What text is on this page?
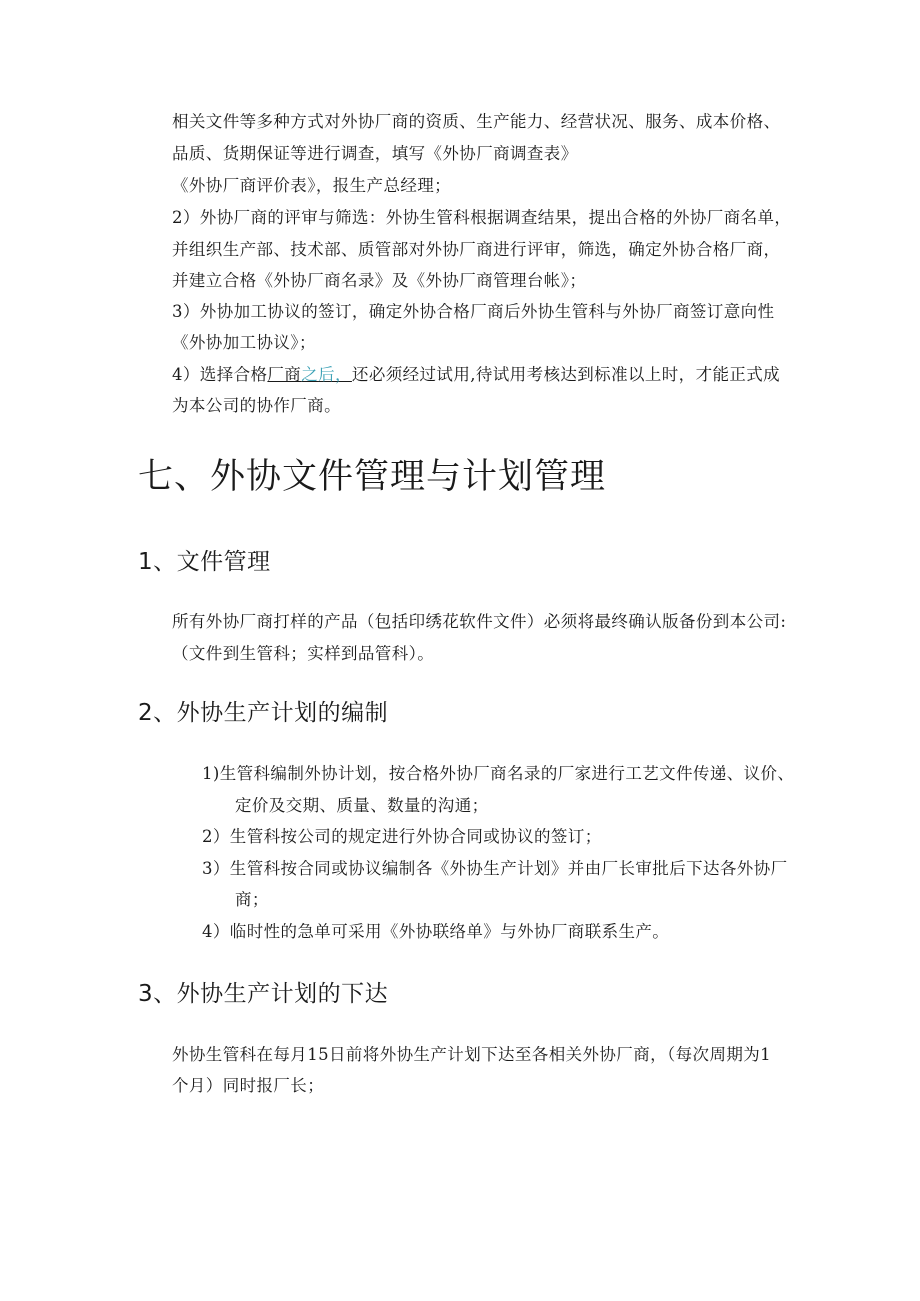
相关文件等多种方式对外协厂商的资质、生产能力、经营状况、服务、成本价格、
品质、货期保证等进行调查，填写《外协厂商调查表》
《外协厂商评价表》，报生产总经理；
2）外协厂商的评审与筛选：外协生管科根据调查结果，提出合格的外协厂商名单，
并组织生产部、技术部、质管部对外协厂商进行评审，筛选，确定外协合格厂商，
并建立合格《外协厂商名录》及《外协厂商管理台帐》；
3）外协加工协议的签订，确定外协合格厂商后外协生管科与外协厂商签订意向性
《外协加工协议》；
4）选择合格厂商之后，还必须经过试用,待试用考核达到标准以上时，才能正式成
为本公司的协作厂商。
七、外协文件管理与计划管理
1、文件管理
所有外协厂商打样的产品（包括印绣花软件文件）必须将最终确认版备份到本公司:
（文件到生管科；实样到品管科）。
2、外协生产计划的编制
1)生管科编制外协计划，按合格外协厂商名录的厂家进行工艺文件传递、议价、
定价及交期、质量、数量的沟通；
2）生管科按公司的规定进行外协合同或协议的签订；
3）生管科按合同或协议编制各《外协生产计划》并由厂长审批后下达各外协厂
商；
4）临时性的急单可采用《外协联络单》与外协厂商联系生产。
3、外协生产计划的下达
外协生管科在每月15日前将外协生产计划下达至各相关外协厂商，（每次周期为1
个月）同时报厂长；
